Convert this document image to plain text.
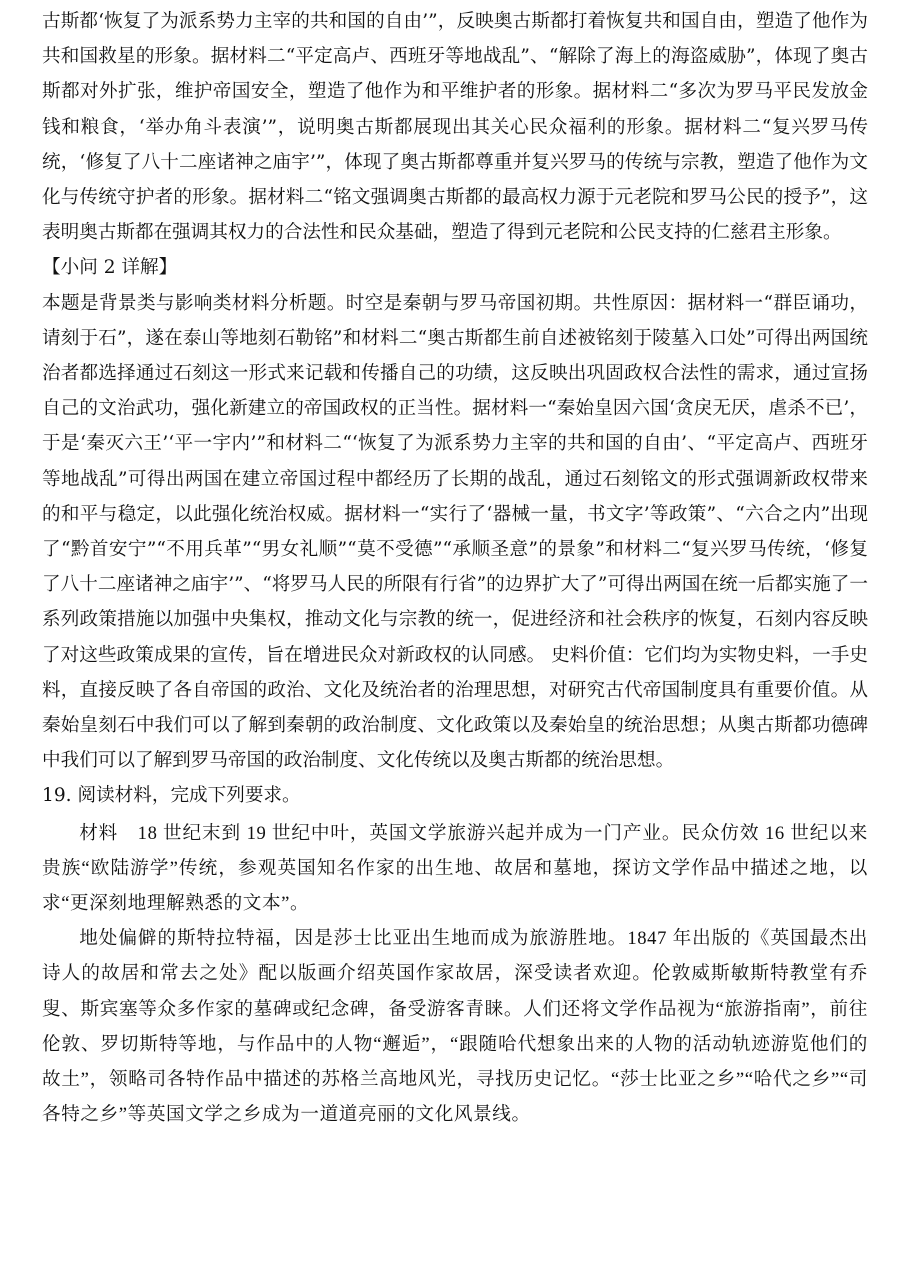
古斯都‘恢复了为派系势力主宰的共和国的自由’”，反映奥古斯都打着恢复共和国自由，塑造了他作为共和国救星的形象。据材料二“平定高卢、西班牙等地战乱”、“解除了海上的海盗威胁”，体现了奥古斯都对外扩张，维护帝国安全，塑造了他作为和平维护者的形象。据材料二“多次为罗马平民发放金钱和粮食，‘举办角斗表演’”，说明奥古斯都展现出其关心民众福利的形象。据材料二“复兴罗马传统，‘修复了八十二座诸神之庙宇’”，体现了奥古斯都尊重并复兴罗马的传统与宗教，塑造了他作为文化与传统守护者的形象。据材料二“铭文强调奥古斯都的最高权力源于元老院和罗马公民的授予”，这表明奥古斯都在强调其权力的合法性和民众基础，塑造了得到元老院和公民支持的仁慈君主形象。

【小问 2 详解】

本题是背景类与影响类材料分析题。时空是秦朝与罗马帝国初期。共性原因：据材料一“群臣诵功，请刻于石”，遂在泰山等地刻石勒铭”和材料二“奥古斯都生前自述被铭刻于陵墓入口处”可得出两国统治者都选择通过石刻这一形式来记载和传播自己的功绩，这反映出巩固政权合法性的需求，通过宣扬自己的文治武功，强化新建立的帝国政权的正当性。据材料一“秦始皇因六国‘贪戾无厌，虐杀不已’，于是‘秦灭六王’‘平一宇内’”和材料二“‘恢复了为派系势力主宰的共和国的自由’、“平定高卢、西班牙等地战乱”可得出两国在建立帝国过程中都经历了长期的战乱，通过石刻铭文的形式强调新政权带来的和平与稳定，以此强化统治权威。据材料一“实行了‘器械一量，书文字’等政策”、“六合之内”出现了“黔首安宁”“不用兵革”“男女礼顺”“莫不受德”“承顺圣意”的景象”和材料二“复兴罗马传统，‘修复了八十二座诸神之庙宇’”、“将罗马人民的所限有行省”的边界扩大了”可得出两国在统一后都实施了一系列政策措施以加强中央集权，推动文化与宗教的统一，促进经济和社会秩序的恢复，石刻内容反映了对这些政策成果的宣传，旨在增进民众对新政权的认同感。 史料价值：它们均为实物史料，一手史料，直接反映了各自帝国的政治、文化及统治者的治理思想，对研究古代帝国制度具有重要价值。从秦始皇刻石中我们可以了解到秦朝的政治制度、文化政策以及秦始皇的统治思想；从奥古斯都功德碑中我们可以了解到罗马帝国的政治制度、文化传统以及奥古斯都的统治思想。

19. 阅读材料，完成下列要求。

材料　18 世纪末到 19 世纪中叶，英国文学旅游兴起并成为一门产业。民众仿效 16 世纪以来贵族“欧陆游学”传统，参观英国知名作家的出生地、故居和墓地，探访文学作品中描述之地，以求“更深刻地理解熟悉的文本”。

地处偏僻的斯特拉特福，因是莎士比亚出生地而成为旅游胜地。1847 年出版的《英国最杰出诗人的故居和常去之处》配以版画介绍英国作家故居，深受读者欢迎。伦敦威斯敏斯特教堂有乔叟、斯宾塞等众多作家的墓碑或纪念碑，备受游客青睐。人们还将文学作品视为“旅游指南”，前往伦敦、罗切斯特等地，与作品中的人物“邂逅”，“跟随哈代想象出来的人物的活动轨迹游览他们的故土”，领略司各特作品中描述的苏格兰高地风光，寻找历史记忆。“莎士比亚之乡”“哈代之乡”“司各特之乡”等英国文学之乡成为一道道亮丽的文化风景线。
